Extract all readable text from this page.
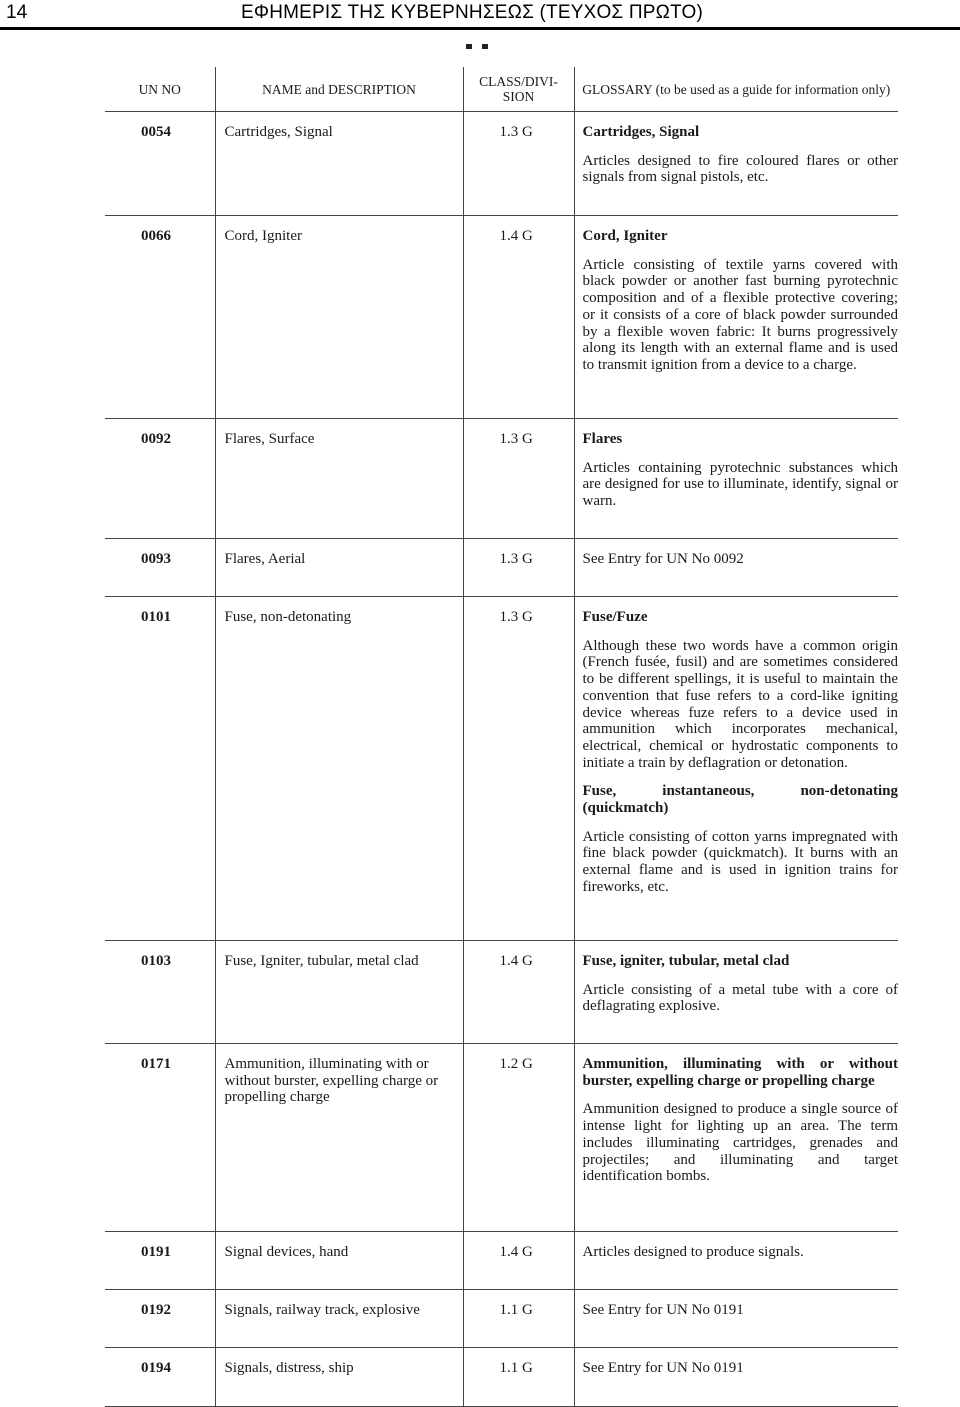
14	ΕΦΗΜΕΡΙΣ ΤΗΣ ΚΥΒΕΡΝΗΣΕΩΣ (ΤΕΥΧΟΣ ΠΡΩΤΟ)
UN NO	NAME and DESCRIPTION	CLASS/DIVI-SION	GLOSSARY (to be used as a guide for information only)
0054	Cartridges, Signal	1.3 G	Cartridges, Signal

Articles designed to fire coloured flares or other signals from signal pistols, etc.

0066	Cord, Igniter	1.4 G	Cord, Igniter

Article consisting of textile yarns covered with black powder or another fast burning pyrotechnic composition and of a flexible protective covering; or it consists of a core of black powder surrounded by a flexible woven fabric: It burns progressively along its length with an external flame and is used to transmit ignition from a device to a charge.

0092	Flares, Surface	1.3 G	Flares

Articles containing pyrotechnic substances which are designed for use to illuminate, identify, signal or warn.

0093	Flares, Aerial	1.3 G	See Entry for UN No 0092

0101	Fuse, non-detonating	1.3 G	Fuse/Fuze

Although these two words have a common origin (French fusée, fusil) and are sometimes considered to be different spellings, it is useful to maintain the convention that fuse refers to a cord-like igniting device whereas fuze refers to a device used in ammunition which incorporates mechanical, electrical, chemical or hydrostatic components to initiate a train by deflagration or detonation.

Fuse, instantaneous, non-detonating (quickmatch)

Article consisting of cotton yarns impregnated with fine black powder (quickmatch). It burns with an external flame and is used in ignition trains for fireworks, etc.

0103	Fuse, Igniter, tubular, metal clad	1.4 G	Fuse, igniter, tubular, metal clad

Article consisting of a metal tube with a core of deflagrating explosive.

0171	Ammunition, illuminating with or without burster, expelling charge or propelling charge	1.2 G	Ammunition, illuminating with or without burster, expelling charge or propelling charge

Ammunition designed to produce a single source of intense light for lighting up an area. The term includes illuminating cartridges, grenades and projectiles; and illuminating and target identification bombs.

0191	Signal devices, hand	1.4 G	Articles designed to produce signals.

0192	Signals, railway track, explosive	1.1 G	See Entry for UN No 0191

0194	Signals, distress, ship	1.1 G	See Entry for UN No 0191
